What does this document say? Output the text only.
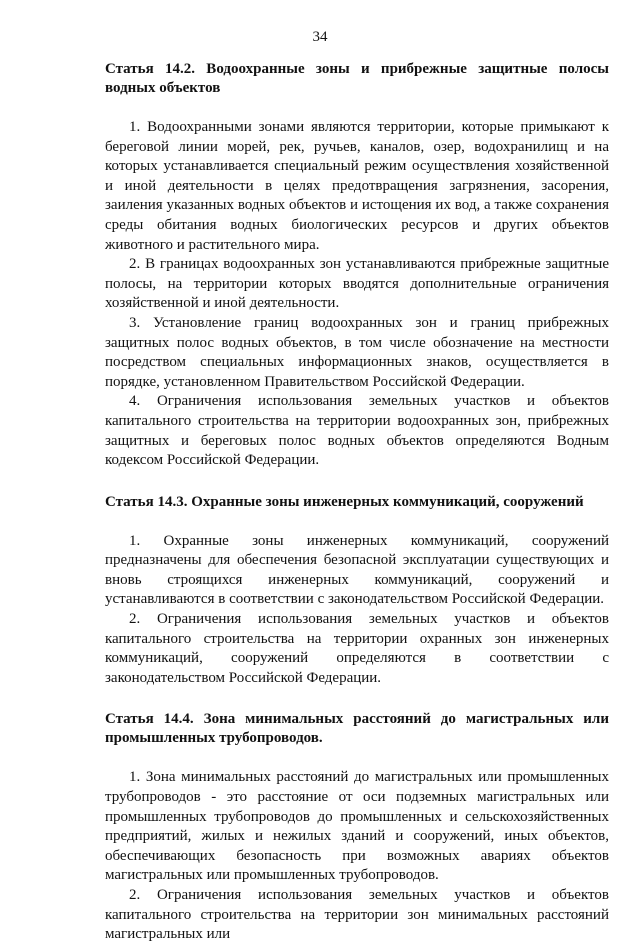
34

Статья 14.2. Водоохранные зоны и прибрежные защитные полосы водных объектов

1. Водоохранными зонами являются территории, которые примыкают к береговой линии морей, рек, ручьев, каналов, озер, водохранилищ и на которых устанавливается специальный режим осуществления хозяйственной и иной деятельности в целях предотвращения загрязнения, засорения, заиления указанных водных объектов и истощения их вод, а также сохранения среды обитания водных биологических ресурсов и других объектов животного и растительного мира.

2. В границах водоохранных зон устанавливаются прибрежные защитные полосы, на территории которых вводятся дополнительные ограничения хозяйственной и иной деятельности.

3. Установление границ водоохранных зон и границ прибрежных защитных полос водных объектов, в том числе обозначение на местности посредством специальных информационных знаков, осуществляется в порядке, установленном Правительством Российской Федерации.

4. Ограничения использования земельных участков и объектов капитального строительства на территории водоохранных зон, прибрежных защитных и береговых полос водных объектов определяются Водным кодексом Российской Федерации.

Статья 14.3. Охранные зоны инженерных коммуникаций, сооружений

1. Охранные зоны инженерных коммуникаций, сооружений предназначены для обеспечения безопасной эксплуатации существующих и вновь строящихся инженерных коммуникаций, сооружений и устанавливаются в соответствии с законодательством Российской Федерации.

2. Ограничения использования земельных участков и объектов капитального строительства на территории охранных зон инженерных коммуникаций, сооружений определяются в соответствии с законодательством Российской Федерации.

Статья 14.4. Зона минимальных расстояний до магистральных или промышленных трубопроводов.

1. Зона минимальных расстояний до магистральных или промышленных трубопроводов - это расстояние от оси подземных магистральных или промышленных трубопроводов до промышленных и сельскохозяйственных предприятий, жилых и нежилых зданий и сооружений, иных объектов, обеспечивающих безопасность при возможных авариях объектов магистральных или промышленных трубопроводов.

2. Ограничения использования земельных участков и объектов капитального строительства на территории зон минимальных расстояний магистральных или
